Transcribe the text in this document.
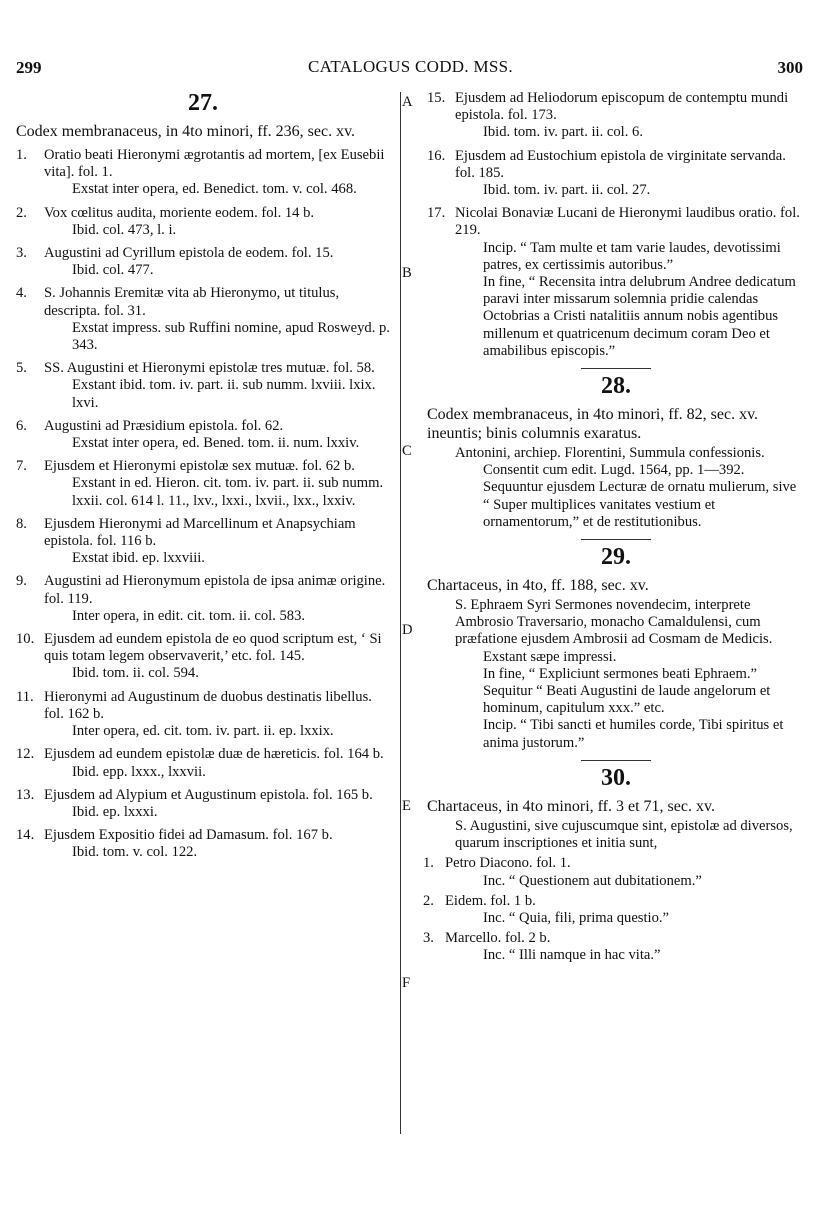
299	CATALOGUS CODD. MSS.	300
A
B
C
D
E
F
27.
Codex membranaceus, in 4to minori, ff. 236, sec. xv.
1. Oratio beati Hieronymi ægrotantis ad mortem, [ex Eusebii vita]. fol. 1.
Exstat inter opera, ed. Benedict. tom. v. col. 468.
2. Vox cœlitus audita, moriente eodem. fol. 14 b.
Ibid. col. 473, l. i.
3. Augustini ad Cyrillum epistola de eodem. fol. 15.
Ibid. col. 477.
4. S. Johannis Eremitæ vita ab Hieronymo, ut titulus, descripta. fol. 31.
Exstat impress. sub Ruffini nomine, apud Rosweyd. p. 343.
5. SS. Augustini et Hieronymi epistolæ tres mutuæ. fol. 58.
Exstant ibid. tom. iv. part. ii. sub numm. lxviii. lxix. lxvi.
6. Augustini ad Præsidium epistola. fol. 62.
Exstat inter opera, ed. Bened. tom. ii. num. lxxiv.
7. Ejusdem et Hieronymi epistolæ sex mutuæ. fol. 62 b.
Exstant in ed. Hieron. cit. tom. iv. part. ii. sub numm. lxxii. col. 614 l. 11., lxv., lxxi., lxvii., lxx., lxxiv.
8. Ejusdem Hieronymi ad Marcellinum et Anapsychiam epistola. fol. 116 b.
Exstat ibid. ep. lxxviii.
9. Augustini ad Hieronymum epistola de ipsa animæ origine. fol. 119.
Inter opera, in edit. cit. tom. ii. col. 583.
10. Ejusdem ad eundem epistola de eo quod scriptum est, ‘ Si quis totam legem observaverit,’ etc. fol. 145.
Ibid. tom. ii. col. 594.
11. Hieronymi ad Augustinum de duobus destinatis libellus. fol. 162 b.
Inter opera, ed. cit. tom. iv. part. ii. ep. lxxix.
12. Ejusdem ad eundem epistolæ duæ de hæreticis. fol. 164 b.
Ibid. epp. lxxx., lxxvii.
13. Ejusdem ad Alypium et Augustinum epistola. fol. 165 b.
Ibid. ep. lxxxi.
14. Ejusdem Expositio fidei ad Damasum. fol. 167 b.
Ibid. tom. v. col. 122.
15. Ejusdem ad Heliodorum episcopum de contemptu mundi epistola. fol. 173.
Ibid. tom. iv. part. ii. col. 6.
16. Ejusdem ad Eustochium epistola de virginitate servanda. fol. 185.
Ibid. tom. iv. part. ii. col. 27.
17. Nicolai Bonaviæ Lucani de Hieronymi laudibus oratio. fol. 219.
Incip. “ Tam multe et tam varie laudes, devotissimi patres, ex certissimis autoribus.”
In fine, “ Recensita intra delubrum Andree dedicatum paravi inter missarum solemnia pridie calendas Octobrias a Cristi natalitiis annum nobis agentibus millenum et quatricenum decimum coram Deo et amabilibus episcopis.”
28.
Codex membranaceus, in 4to minori, ff. 82, sec. xv. ineuntis; binis columnis exaratus.
Antonini, archiep. Florentini, Summula confessionis.
Consentit cum edit. Lugd. 1564, pp. 1—392.
Sequuntur ejusdem Lecturæ de ornatu mulierum, sive “ Super multiplices vanitates vestium et ornamentorum,” et de restitutionibus.
29.
Chartaceus, in 4to, ff. 188, sec. xv.
S. Ephraem Syri Sermones novendecim, interprete Ambrosio Traversario, monacho Camaldulensi, cum præfatione ejusdem Ambrosii ad Cosmam de Medicis.
Exstant sæpe impressi.
In fine, “ Expliciunt sermones beati Ephraem.”
Sequitur “ Beati Augustini de laude angelorum et hominum, capitulum xxx.” etc.
Incip. “ Tibi sancti et humiles corde, Tibi spiritus et anima justorum.”
30.
Chartaceus, in 4to minori, ff. 3 et 71, sec. xv.
S. Augustini, sive cujuscumque sint, epistolæ ad diversos, quarum inscriptiones et initia sunt,
1. Petro Diacono. fol. 1.
Inc. “ Questionem aut dubitationem.”
2. Eidem. fol. 1 b.
Inc. “ Quia, fili, prima questio.”
3. Marcello. fol. 2 b.
Inc. “ Illi namque in hac vita.”
